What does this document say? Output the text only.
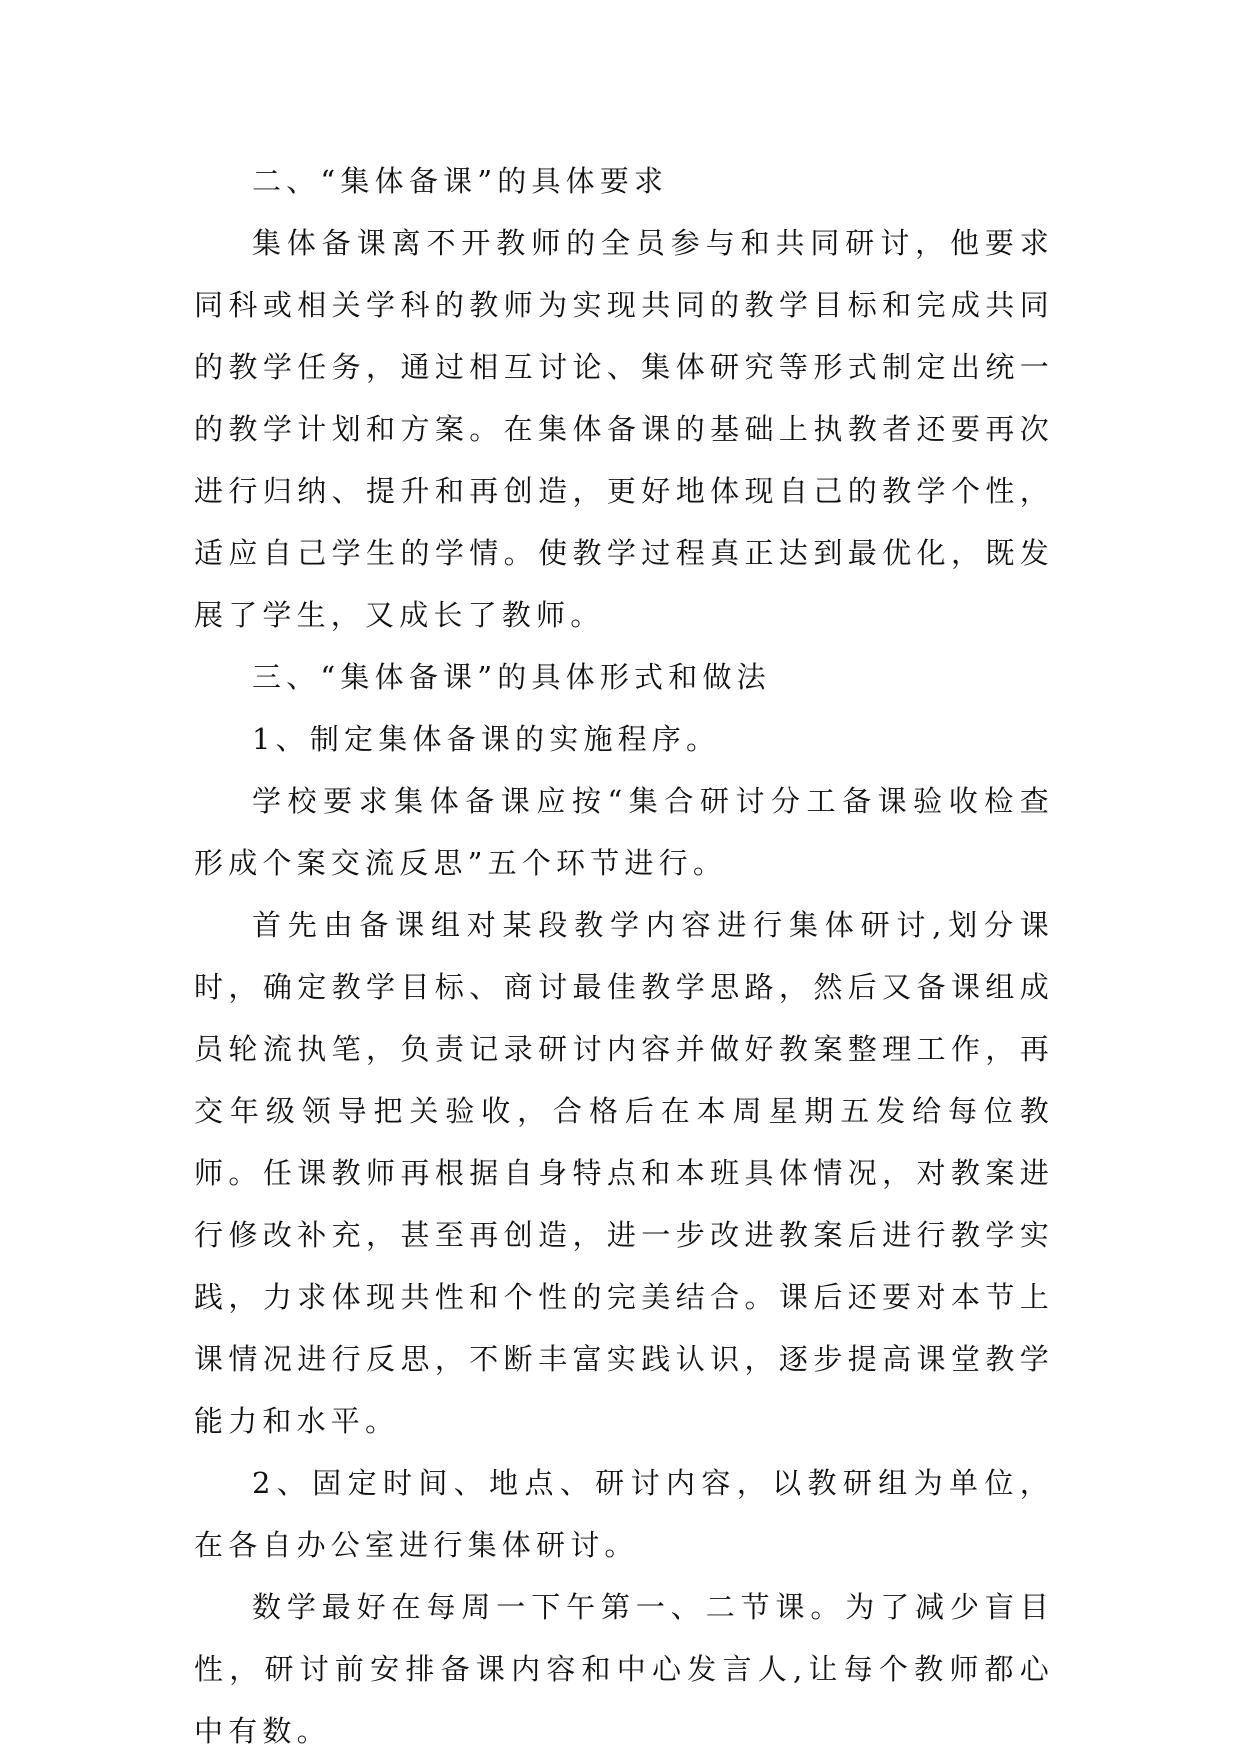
二、“集体备课”的具体要求

集体备课离不开教师的全员参与和共同研讨，他要求同科或相关学科的教师为实现共同的教学目标和完成共同的教学任务，通过相互讨论、集体研究等形式制定出统一的教学计划和方案。在集体备课的基础上执教者还要再次进行归纳、提升和再创造，更好地体现自己的教学个性，适应自己学生的学情。使教学过程真正达到最优化，既发展了学生，又成长了教师。

三、“集体备课”的具体形式和做法

1、制定集体备课的实施程序。

学校要求集体备课应按“集合研讨分工备课验收检查形成个案交流反思”五个环节进行。

首先由备课组对某段教学内容进行集体研讨,划分课时，确定教学目标、商讨最佳教学思路，然后又备课组成员轮流执笔，负责记录研讨内容并做好教案整理工作，再交年级领导把关验收，合格后在本周星期五发给每位教师。任课教师再根据自身特点和本班具体情况，对教案进行修改补充，甚至再创造，进一步改进教案后进行教学实践，力求体现共性和个性的完美结合。课后还要对本节上课情况进行反思，不断丰富实践认识，逐步提高课堂教学能力和水平。

2、固定时间、地点、研讨内容，以教研组为单位，在各自办公室进行集体研讨。

数学最好在每周一下午第一、二节课。为了减少盲目性，研讨前安排备课内容和中心发言人,让每个教师都心中有数。
